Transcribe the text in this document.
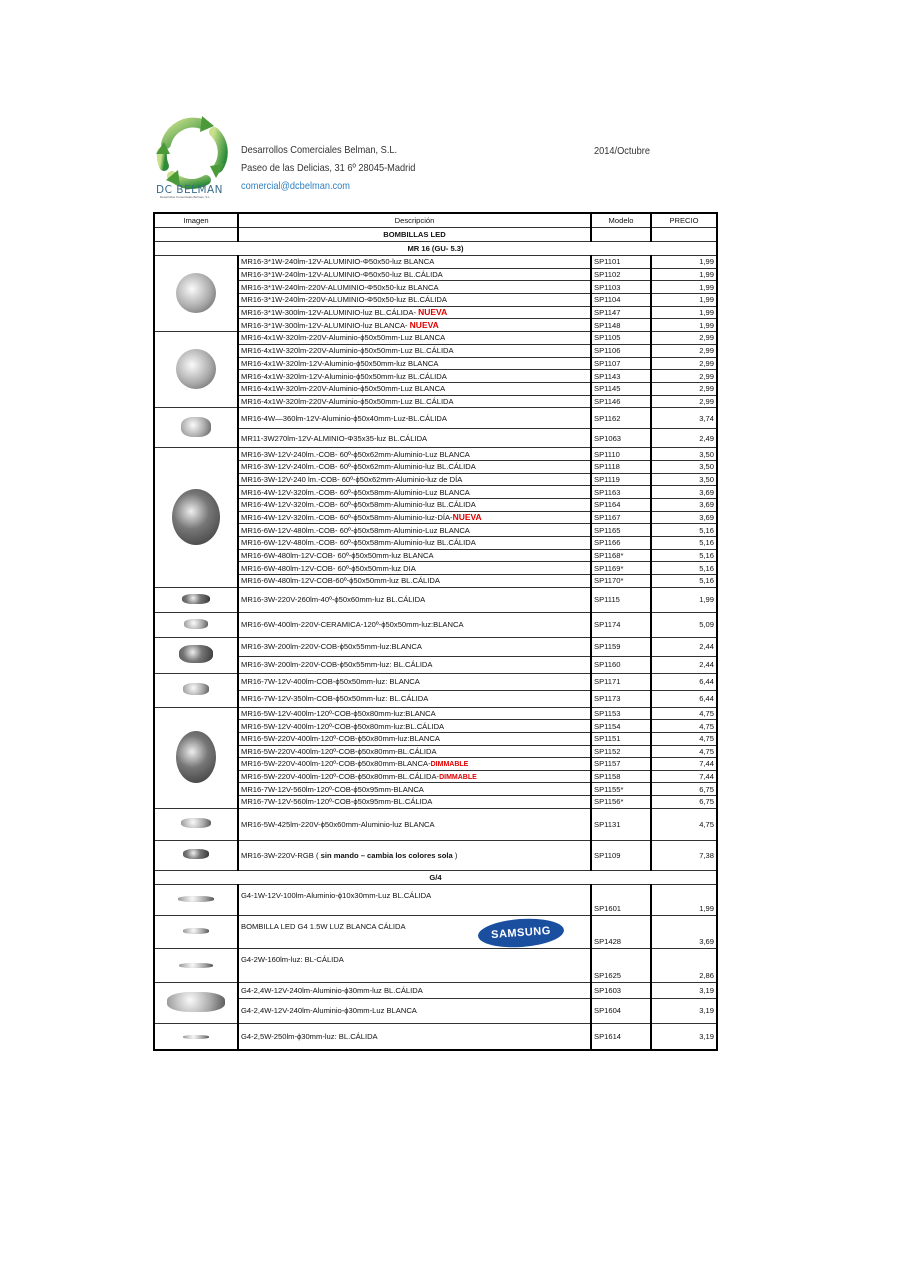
DC BELMAN
Desarrollos Comerciales Belman, S.L.
Desarrollos Comerciales Belman, S.L.
Paseo de las Delicias, 31 6º 28045-Madrid
comercial@dcbelman.com
2014/Octubre
Imagen	Descripción	Modelo	PRECIO
	BOMBILLAS LED		
MR 16 (GU- 5.3)			
	MR16-3*1W-240lm-12V-ALUMINIO-Φ50x50-luz BLANCA	SP1101	1,99
	MR16-3*1W-240lm-12V-ALUMINIO-Φ50x50-luz BL.CÁLIDA	SP1102	1,99
	MR16-3*1W-240lm-220V-ALUMINIO-Φ50x50-luz BLANCA	SP1103	1,99
	MR16-3*1W-240lm-220V-ALUMINIO-Φ50x50-luz BL.CÁLIDA	SP1104	1,99
	MR16-3*1W-300lm-12V-ALUMINIO-luz BL.CÁLIDA- NUEVA	SP1147	1,99
	MR16-3*1W-300lm-12V-ALUMINIO-luz BLANCA- NUEVA	SP1148	1,99
	MR16-4x1W-320lm-220V-Aluminio-ϕ50x50mm-Luz BLANCA	SP1105	2,99
	MR16-4x1W-320lm-220V-Aluminio-ϕ50x50mm-Luz BL.CÁLIDA	SP1106	2,99
	MR16-4x1W-320lm-12V-Aluminio-ϕ50x50mm-luz BLANCA	SP1107	2,99
	MR16-4x1W-320lm-12V-Aluminio-ϕ50x50mm-luz BL.CÁLIDA	SP1143	2,99
	MR16-4x1W-320lm-220V-Aluminio-ϕ50x50mm-Luz BLANCA	SP1145	2,99
	MR16-4x1W-320lm-220V-Aluminio-ϕ50x50mm-Luz BL.CÁLIDA	SP1146	2,99
	MR16-4W—360lm-12V-Aluminio-ϕ50x40mm-Luz-BL.CÁLIDA	SP1162	3,74
	MR11-3W270lm-12V-ALMINIO-Φ35x35-luz BL.CÁLIDA	SP1063	2,49
	MR16-3W-12V-240lm.-COB- 60º-ϕ50x62mm-Aluminio-Luz BLANCA	SP1110	3,50
	MR16-3W-12V-240lm.-COB- 60º-ϕ50x62mm-Aluminio-luz BL.CÁLIDA	SP1118	3,50
	MR16-3W-12V-240 lm.-COB- 60º-ϕ50x62mm-Aluminio-luz de DÍA	SP1119	3,50
	MR16-4W-12V-320lm.-COB- 60º-ϕ50x58mm-Aluminio-Luz BLANCA	SP1163	3,69
	MR16-4W-12V-320lm.-COB- 60º-ϕ50x58mm-Aluminio-luz BL.CÁLIDA	SP1164	3,69
	MR16-4W-12V-320lm.-COB- 60º-ϕ50x58mm-Aluminio-luz-DÍA-NUEVA	SP1167	3,69
	MR16-6W-12V-480lm.-COB- 60º-ϕ50x58mm-Aluminio-Luz BLANCA	SP1165	5,16
	MR16-6W-12V-480lm.-COB- 60º-ϕ50x58mm-Aluminio-luz BL.CÁLIDA	SP1166	5,16
	MR16-6W-480lm-12V-COB- 60º-ϕ50x50mm-luz BLANCA	SP1168*	5,16
	MR16-6W-480lm-12V-COB- 60º-ϕ50x50mm-luz DIA	SP1169*	5,16
	MR16-6W-480lm-12V-COB-60º-ϕ50x50mm-luz BL.CÁLIDA	SP1170*	5,16
	MR16-3W-220V-260lm-40º-ϕ50x60mm-luz BL.CÁLIDA	SP1115	1,99
	MR16-6W-400lm-220V-CERAMICA-120º-ϕ50x50mm-luz:BLANCA	SP1174	5,09
	MR16-3W-200lm-220V-COB-ϕ50x55mm-luz:BLANCA	SP1159	2,44
	MR16-3W-200lm-220V-COB-ϕ50x55mm-luz: BL.CÁLIDA	SP1160	2,44
	MR16-7W-12V-400lm-COB-ϕ50x50mm-luz: BLANCA	SP1171	6,44
	MR16-7W-12V-350lm-COB-ϕ50x50mm-luz: BL.CÁLIDA	SP1173	6,44
	MR16-5W-12V-400lm-120º-COB-ϕ50x80mm-luz:BLANCA	SP1153	4,75
	MR16-5W-12V-400lm-120º-COB-ϕ50x80mm-luz:BL.CÁLIDA	SP1154	4,75
	MR16-5W-220V-400lm-120º-COB-ϕ50x80mm-luz:BLANCA	SP1151	4,75
	MR16-5W-220V-400lm-120º-COB-ϕ50x80mm-BL.CÁLIDA	SP1152	4,75
	MR16-5W-220V-400lm-120º-COB-ϕ50x80mm-BLANCA-DIMMABLE	SP1157	7,44
	MR16-5W-220V-400lm-120º-COB-ϕ50x80mm-BL.CÁLIDA-DIMMABLE	SP1158	7,44
	MR16-7W-12V-560lm-120º-COB-ϕ50x95mm-BLANCA	SP1155*	6,75
	MR16-7W-12V-560lm-120º-COB-ϕ50x95mm-BL.CÁLIDA	SP1156*	6,75
	MR16-5W-425lm-220V-ϕ50x60mm-Aluminio-luz BLANCA	SP1131	4,75
	MR16-3W-220V-RGB ( sin mando – cambia los colores sola )	SP1109	7,38
G/4			
	G4-1W-12V-100lm-Aluminio-ϕ10x30mm-Luz BL.CÁLIDA	SP1601	1,99
	BOMBILLA LED G4 1.5W LUZ BLANCA CÁLIDA SAMSUNG	SP1428	3,69
	G4-2W-160lm-luz: BL-CÁLIDA	SP1625	2,86
	G4-2,4W-12V-240lm-Aluminio-ϕ30mm-luz BL.CÁLIDA	SP1603	3,19
	G4-2,4W-12V-240lm-Aluminio-ϕ30mm-Luz BLANCA	SP1604	3,19
	G4-2,5W-250lm-ϕ30mm-luz: BL.CÁLIDA	SP1614	3,19
